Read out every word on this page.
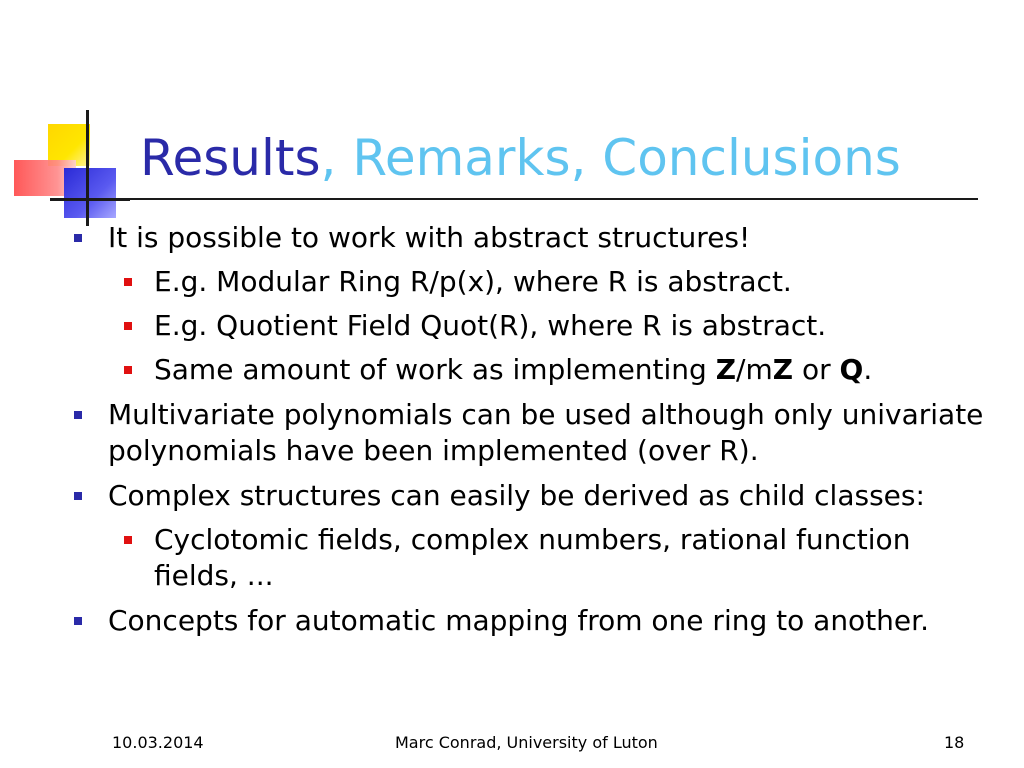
Results, Remarks, Conclusions
It is possible to work with abstract structures!
E.g. Modular Ring R/p(x), where R is abstract.
E.g. Quotient Field Quot(R), where R is abstract.
Same amount of work as implementing Z/mZ or Q.
Multivariate polynomials can be used although only univariate polynomials have been implemented (over R).
Complex structures can easily be derived as child classes:
Cyclotomic fields, complex numbers, rational function fields, ...
Concepts for automatic mapping from one ring to another.
10.03.2014	Marc Conrad, University of Luton	18
